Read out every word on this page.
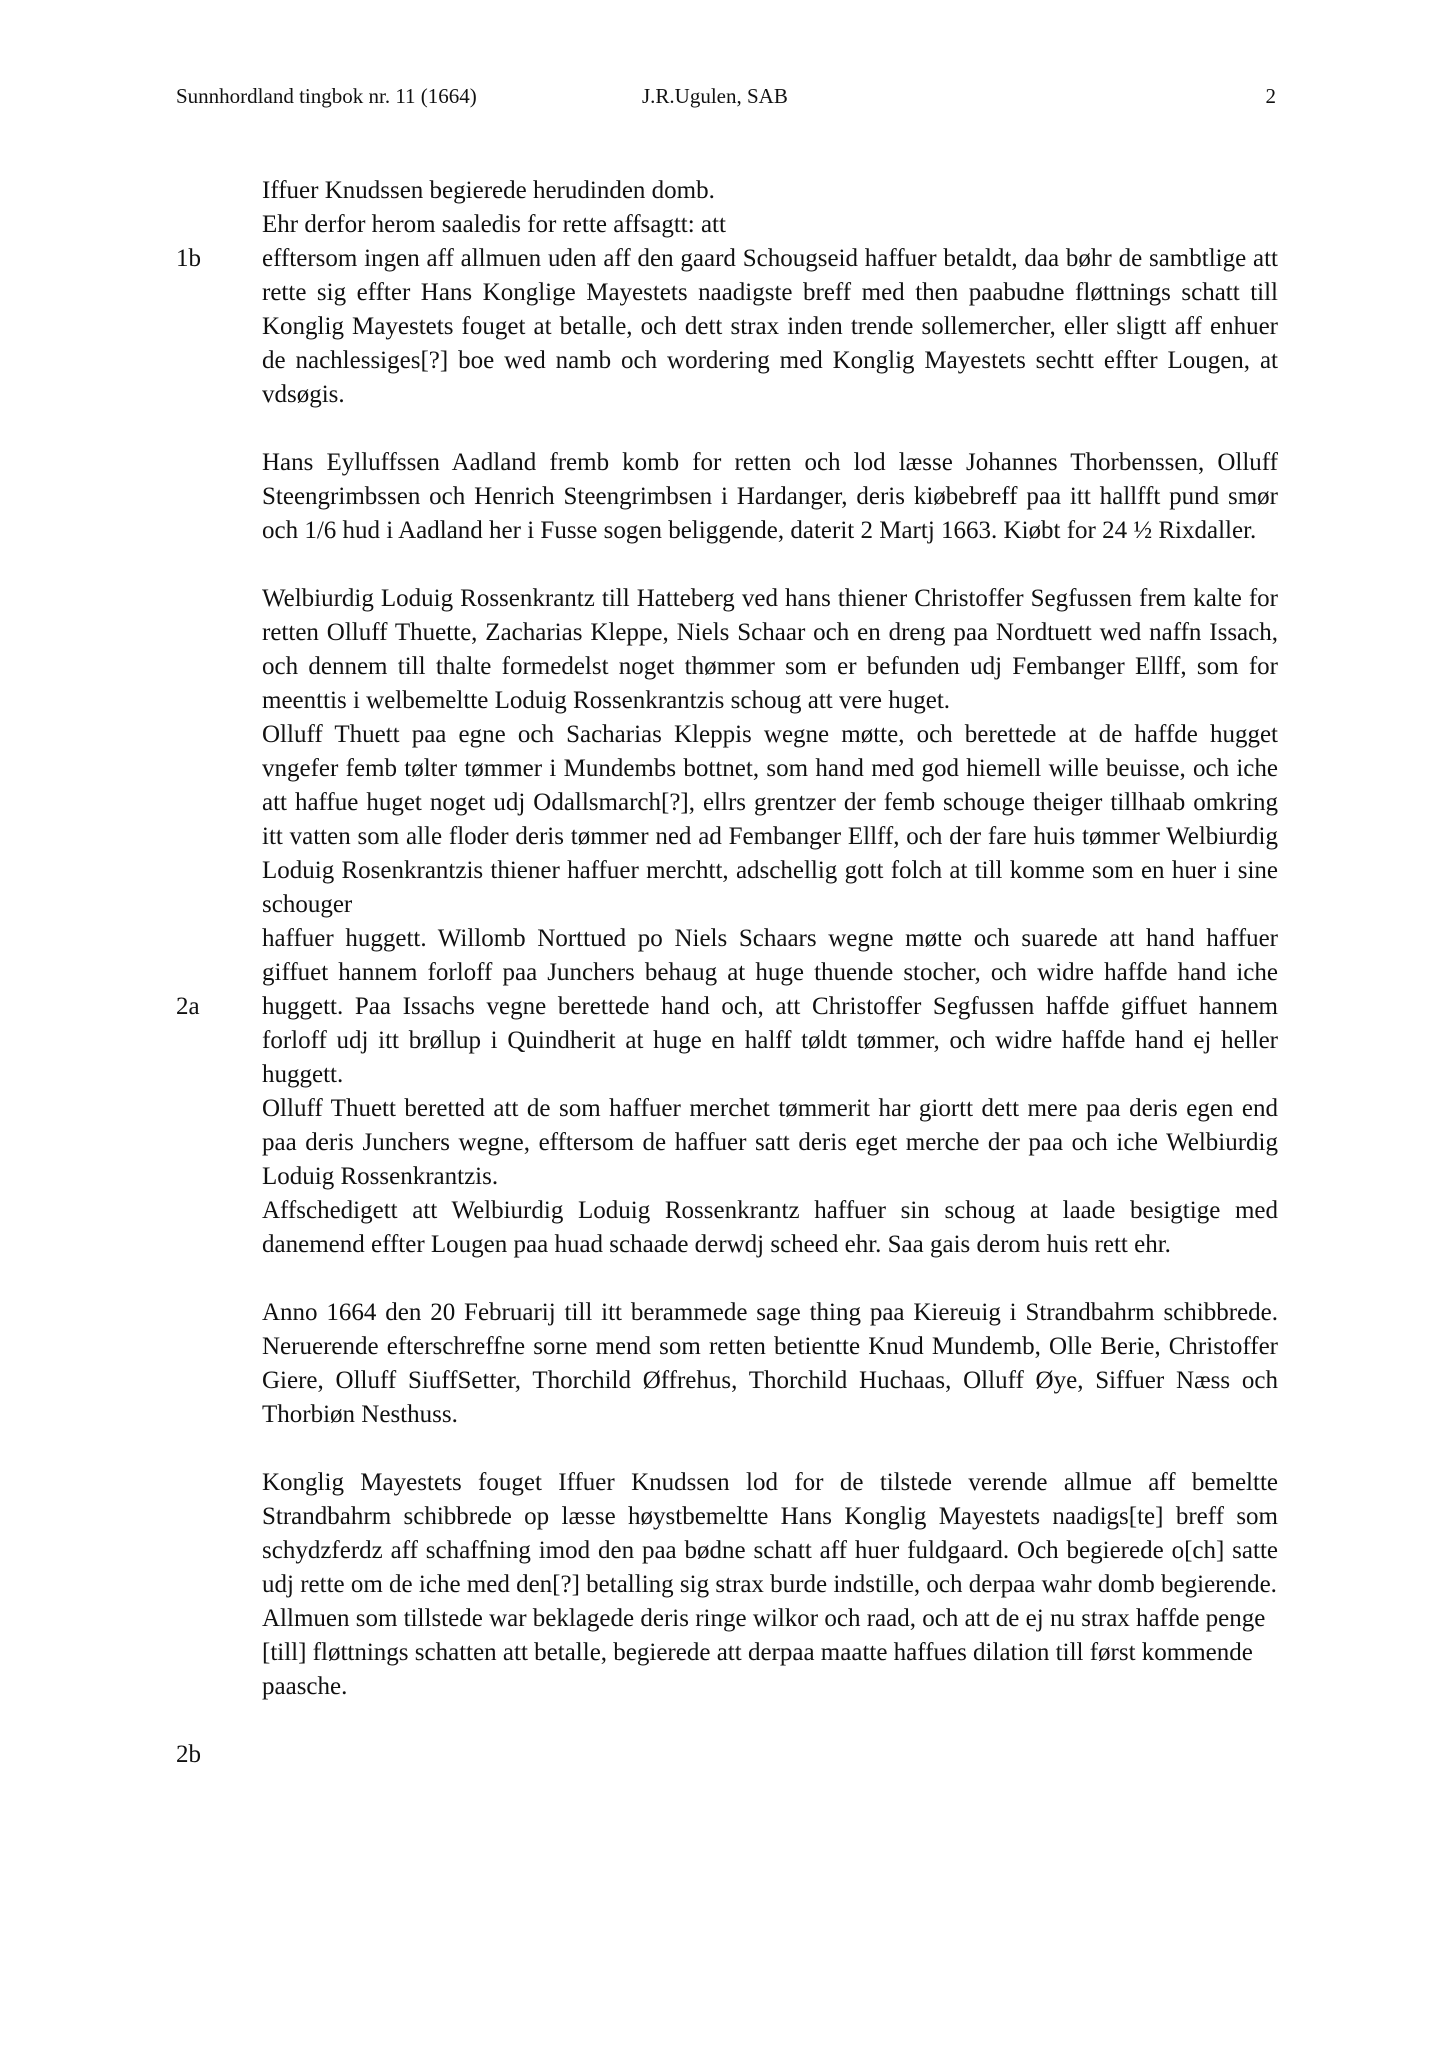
Sunnhordland tingbok nr. 11 (1664)	J.R.Ugulen, SAB	2
1b
2a
2b

Iffuer Knudssen begierede herudinden domb.

Ehr derfor herom saaledis for rette affsagtt: att

efftersom ingen aff allmuen uden aff den gaard Schougseid haffuer betaldt, daa bøhr de sambtlige att rette sig effter Hans Konglige Mayestets naadigste breff med then paabudne fløttnings schatt till Konglig Mayestets fouget at betalle, och dett strax inden trende sollemercher, eller sligtt aff enhuer de nachlessiges[?] boe wed namb och wordering med Konglig Mayestets sechtt effter Lougen, at vdsøgis.

Hans Eylluffssen Aadland fremb komb for retten och lod læsse Johannes Thorbenssen, Olluff Steengrimbssen och Henrich Steengrimbsen i Hardanger, deris kiøbebreff paa itt hallfft pund smør och 1/6 hud i Aadland her i Fusse sogen beliggende, daterit 2 Martj 1663. Kiøbt for 24 ½ Rixdaller.

Welbiurdig Loduig Rossenkrantz till Hatteberg ved hans thiener Christoffer Segfussen frem kalte for retten Olluff Thuette, Zacharias Kleppe, Niels Schaar och en dreng paa Nordtuett wed naffn Issach, och dennem till thalte formedelst noget thømmer som er befunden udj Fembanger Ellff, som for meenttis i welbemeltte Loduig Rossenkrantzis schoug att vere huget.

Olluff Thuett paa egne och Sacharias Kleppis wegne møtte, och berettede at de haffde hugget vngefer femb tølter tømmer i Mundembs bottnet, som hand med god hiemell wille beuisse, och iche att haffue huget noget udj Odallsmarch[?], ellrs grentzer der femb schouge theiger tillhaab omkring itt vatten som alle floder deris tømmer ned ad Fembanger Ellff, och der fare huis tømmer Welbiurdig Loduig Rosenkrantzis thiener haffuer merchtt, adschellig gott folch at till komme som en huer i sine schouger

haffuer huggett. Willomb Norttued po Niels Schaars wegne møtte och suarede att hand haffuer giffuet hannem forloff paa Junchers behaug at huge thuende stocher, och widre haffde hand iche huggett. Paa Issachs vegne berettede hand och, att Christoffer Segfussen haffde giffuet hannem forloff udj itt brøllup i Quindherit at huge en halff tøldt tømmer, och widre haffde hand ej heller huggett.

Olluff Thuett beretted att de som haffuer merchet tømmerit har giortt dett mere paa deris egen end paa deris Junchers wegne, efftersom de haffuer satt deris eget merche der paa och iche Welbiurdig Loduig Rossenkrantzis.

Affschedigett att Welbiurdig Loduig Rossenkrantz haffuer sin schoug at laade besigtige med danemend effter Lougen paa huad schaade derwdj scheed ehr. Saa gais derom huis rett ehr.

Anno 1664 den 20 Februarij till itt berammede sage thing paa Kiereuig i Strandbahrm schibbrede. Neruerende efterschreffne sorne mend som retten betientte Knud Mundemb, Olle Berie, Christoffer Giere, Olluff SiuffSetter, Thorchild Øffrehus, Thorchild Huchaas, Olluff Øye, Siffuer Næss och Thorbiøn Nesthuss.

Konglig Mayestets fouget Iffuer Knudssen lod for de tilstede verende allmue aff bemeltte Strandbahrm schibbrede op læsse høystbemeltte Hans Konglig Mayestets naadigs[te] breff som schydzferdz aff schaffning imod den paa bødne schatt aff huer fuldgaard. Och begierede o[ch] satte udj rette om de iche med den[?] betalling sig strax burde indstille, och derpaa wahr domb begierende.

Allmuen som tillstede war beklagede deris ringe wilkor och raad, och att de ej nu strax haffde penge [till] fløttnings schatten att betalle, begierede att derpaa maatte haffues dilation till først kommende paasche.
